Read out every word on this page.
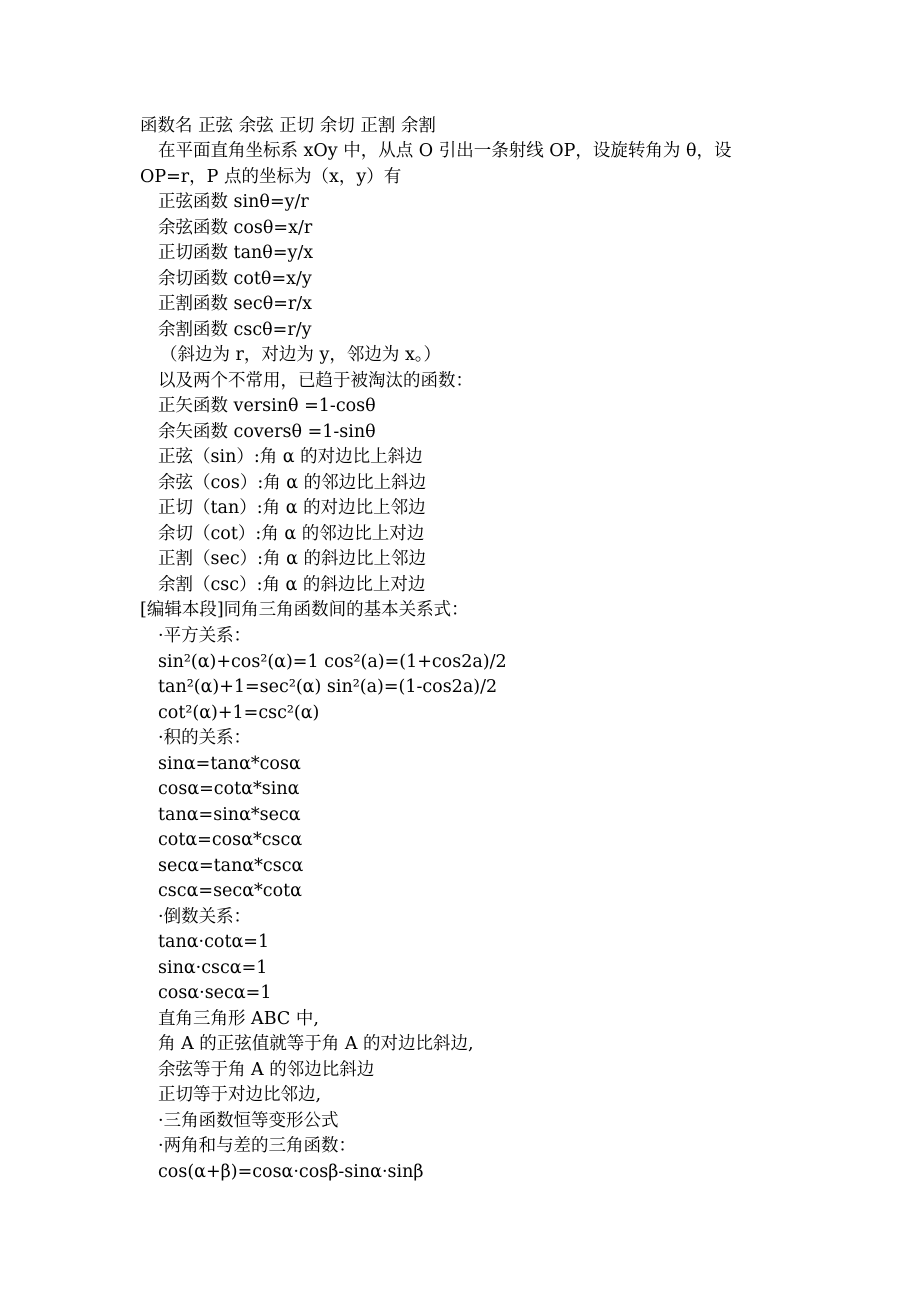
函数名 正弦 余弦 正切 余切 正割 余割
在平面直角坐标系 xOy 中，从点 O 引出一条射线 OP，设旋转角为 θ，设
OP=r，P 点的坐标为（x，y）有
正弦函数 sinθ=y/r
余弦函数 cosθ=x/r
正切函数 tanθ=y/x
余切函数 cotθ=x/y
正割函数 secθ=r/x
余割函数 cscθ=r/y
（斜边为 r，对边为 y，邻边为 x。）
以及两个不常用，已趋于被淘汰的函数：
正矢函数 versinθ =1-cosθ
余矢函数 coversθ =1-sinθ
正弦（sin）:角 α 的对边比上斜边
余弦（cos）:角 α 的邻边比上斜边
正切（tan）:角 α 的对边比上邻边
余切（cot）:角 α 的邻边比上对边
正割（sec）:角 α 的斜边比上邻边
余割（csc）:角 α 的斜边比上对边
[编辑本段]同角三角函数间的基本关系式：
·平方关系：
sin²(α)+cos²(α)=1 cos²(a)=(1+cos2a)/2
tan²(α)+1=sec²(α) sin²(a)=(1-cos2a)/2
cot²(α)+1=csc²(α)
·积的关系：
sinα=tanα*cosα
cosα=cotα*sinα
tanα=sinα*secα
cotα=cosα*cscα
secα=tanα*cscα
cscα=secα*cotα
·倒数关系：
tanα·cotα=1
sinα·cscα=1
cosα·secα=1
直角三角形 ABC 中,
角 A 的正弦值就等于角 A 的对边比斜边,
余弦等于角 A 的邻边比斜边
正切等于对边比邻边,
·三角函数恒等变形公式
·两角和与差的三角函数：
cos(α+β)=cosα·cosβ-sinα·sinβ
